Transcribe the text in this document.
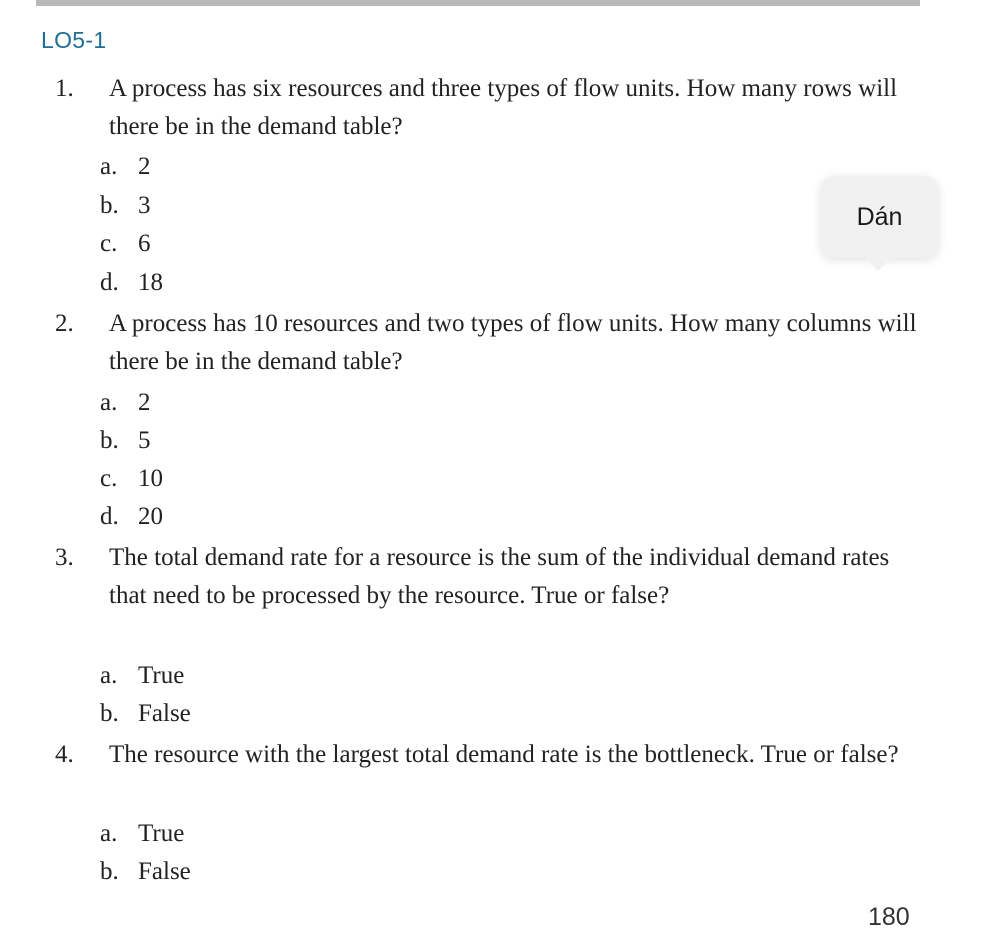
LO5-1
1. A process has six resources and three types of flow units. How many rows will there be in the demand table?
a. 2
b. 3
c. 6
d. 18
2. A process has 10 resources and two types of flow units. How many columns will there be in the demand table?
a. 2
b. 5
c. 10
d. 20
3. The total demand rate for a resource is the sum of the individual demand rates that need to be processed by the resource. True or false?
a. True
b. False
4. The resource with the largest total demand rate is the bottleneck. True or false?
a. True
b. False
Dán
180
